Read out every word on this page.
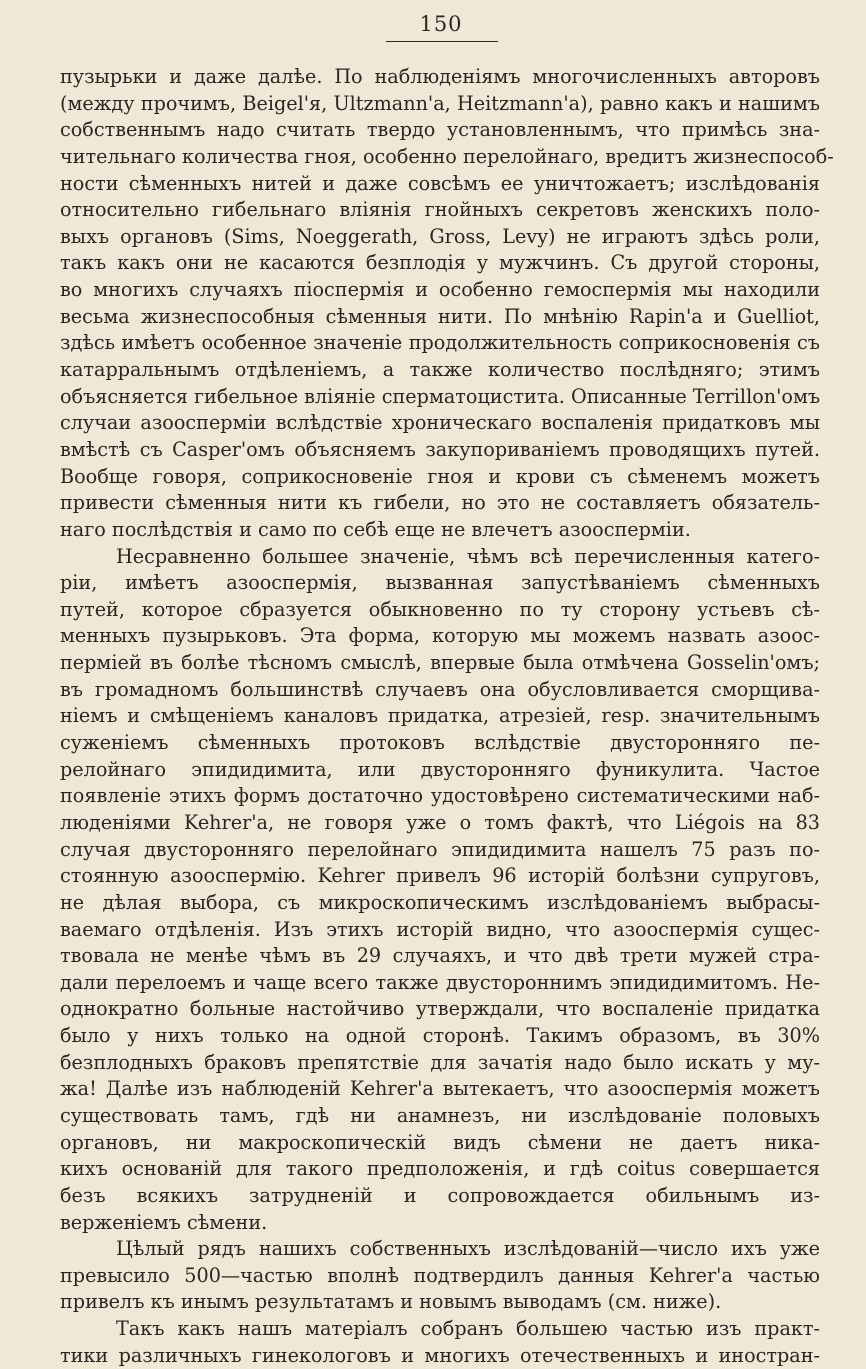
150
пузырьки и даже далѣе. По наблюденіямъ многочисленныхъ авторовъ
(между прочимъ, Beigel'я, Ultzmann'а, Heitzmann'а), равно какъ и нашимъ
собственнымъ надо считать твердо установленнымъ, что примѣсь зна-
чительнаго количества гноя, особенно перелойнаго, вредитъ жизнеспособ-
ности сѣменныхъ нитей и даже совсѣмъ ее уничтожаетъ; изслѣдованія
относительно гибельнаго вліянія гнойныхъ секретовъ женскихъ поло-
выхъ органовъ (Sims, Noeggerath, Gross, Levy) не играютъ здѣсь роли,
такъ какъ они не касаются безплодія у мужчинъ. Съ другой стороны,
во многихъ случаяхъ піоспермія и особенно гемоспермія мы находили
весьма жизнеспособныя сѣменныя нити. По мнѣнію Rapin'а и Guelliot,
здѣсь имѣетъ особенное значеніе продолжительность соприкосновенія съ
катарральнымъ отдѣленіемъ, а также количество послѣдняго; этимъ
объясняется гибельное вліяніе сперматоцистита. Описанные Terrillon'омъ
случаи азооспермiи вслѣдствіе хроническаго воспаленія придатковъ мы
вмѣстѣ съ Casper'омъ объясняемъ закупориваніемъ проводящихъ путей.
Вообще говоря, соприкосновеніе гноя и крови съ сѣменемъ можетъ
привести сѣменныя нити къ гибели, но это не составляетъ обязатель-
наго послѣдствія и само по себѣ еще не влечетъ азооспермiи.
Несравненно большее значеніе, чѣмъ всѣ перечисленныя катего-
ріи, имѣетъ азооспермія, вызванная запустѣваніемъ сѣменныхъ
путей, которое сбразуется обыкновенно по ту сторону устьевъ сѣ-
менныхъ пузырьковъ. Эта форма, которую мы можемъ назвать азооc-
перміей въ болѣе тѣсномъ смыслѣ, впервые была отмѣчена Gosselin'омъ;
въ громадномъ большинствѣ случаевъ она обусловливается сморщива-
ніемъ и смѣщеніемъ каналовъ придатка, атрезіей, resp. значительнымъ
суженіемъ сѣменныхъ протоковъ вслѣдствіе двусторонняго пе-
релойнаго эпидидимита, или двусторонняго фуникулита. Частое
появленіе этихъ формъ достаточно удостовѣрено систематическими наб-
люденіями Kehrer'а, не говоря уже о томъ фактѣ, что Liégois на 83
случая двусторонняго перелойнаго эпидидимита нашелъ 75 разъ по-
стоянную азооспермію. Kehrer привелъ 96 исторій болѣзни супруговъ,
не дѣлая выбора, съ микроскопическимъ изслѣдованіемъ выбрасы-
ваемаго отдѣленія. Изъ этихъ исторій видно, что азооспермія сущес-
твовала не менѣе чѣмъ въ 29 случаяхъ, и что двѣ трети мужей стра-
дали перелоемъ и чаще всего также двустороннимъ эпидидимитомъ. Не-
однократно больные настойчиво утверждали, что воспаленіе придатка
было у нихъ только на одной сторонѣ. Такимъ образомъ, въ 30%
безплодныхъ браковъ препятствіе для зачатія надо было искать у му-
жа! Далѣе изъ наблюденій Kehrer'а вытекаетъ, что азооспермія можетъ
существовать тамъ, гдѣ ни анамнезъ, ни изслѣдованіе половыхъ
органовъ, ни макроскопическій видъ сѣмени не даетъ никa-
кихъ основаній для такого предположенія, и гдѣ coitus совершается
безъ всякихъ затрудненій и сопровождается обильнымъ из-
верженіемъ сѣмени.
Цѣлый рядъ нашихъ собственныхъ изслѣдованій—число ихъ уже
превысило 500—частью вполнѣ подтвердилъ данныя Kehrer'а частью
привелъ къ инымъ результатамъ и новымъ выводамъ (см. ниже).
Такъ какъ нашъ матеріалъ собранъ большею частью изъ практ-
тики различныхъ гинекологовъ и многихъ отечественныхъ и иностран-
